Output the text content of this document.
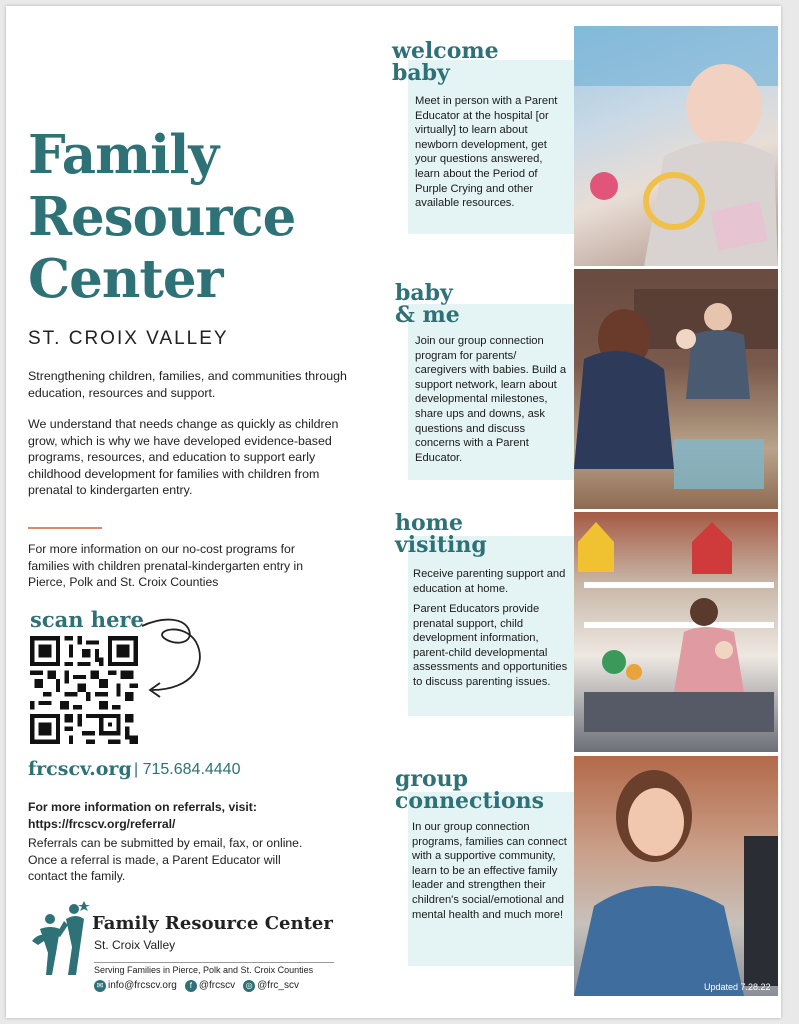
Family
Resource
Center
ST. CROIX VALLEY
Strengthening children, families, and communities through education, resources and support.
We understand that needs change as quickly as children grow, which is why we have developed evidence-based programs, resources, and education to support early childhood development for families with children from prenatal to kindergarten entry.
For more information on our no-cost programs for families with children prenatal-kindergarten entry in Pierce, Polk and St. Croix Counties
scan here
frcscv.org | 715.684.4440
For more information on referrals, visit: https://frcscv.org/referral/
Referrals can be submitted by email, fax, or online. Once a referral is made, a Parent Educator will contact the family.
Family Resource Center
St. Croix Valley
Serving Families in Pierce, Polk and St. Croix Counties
✉ info@frcscv.org	f @frcscv	◎ @frc_scv	Updated 7.28.22
welcome
baby
Meet in person with a Parent Educator at the hospital [or virtually] to learn about newborn development, get your questions answered, learn about the Period of Purple Crying and other available resources.
baby
& me
Join our group connection program for parents/ caregivers with babies. Build a support network, learn about developmental milestones, share ups and downs, ask questions and discuss concerns with a Parent Educator.
home
visiting
Receive parenting support and education at home.
Parent Educators provide prenatal support, child development information, parent-child developmental assessments and opportunities to discuss parenting issues.
group
connections
In our group connection programs, families can connect with a supportive community, learn to be an effective family leader and strengthen their children's social/emotional and mental health and much more!
